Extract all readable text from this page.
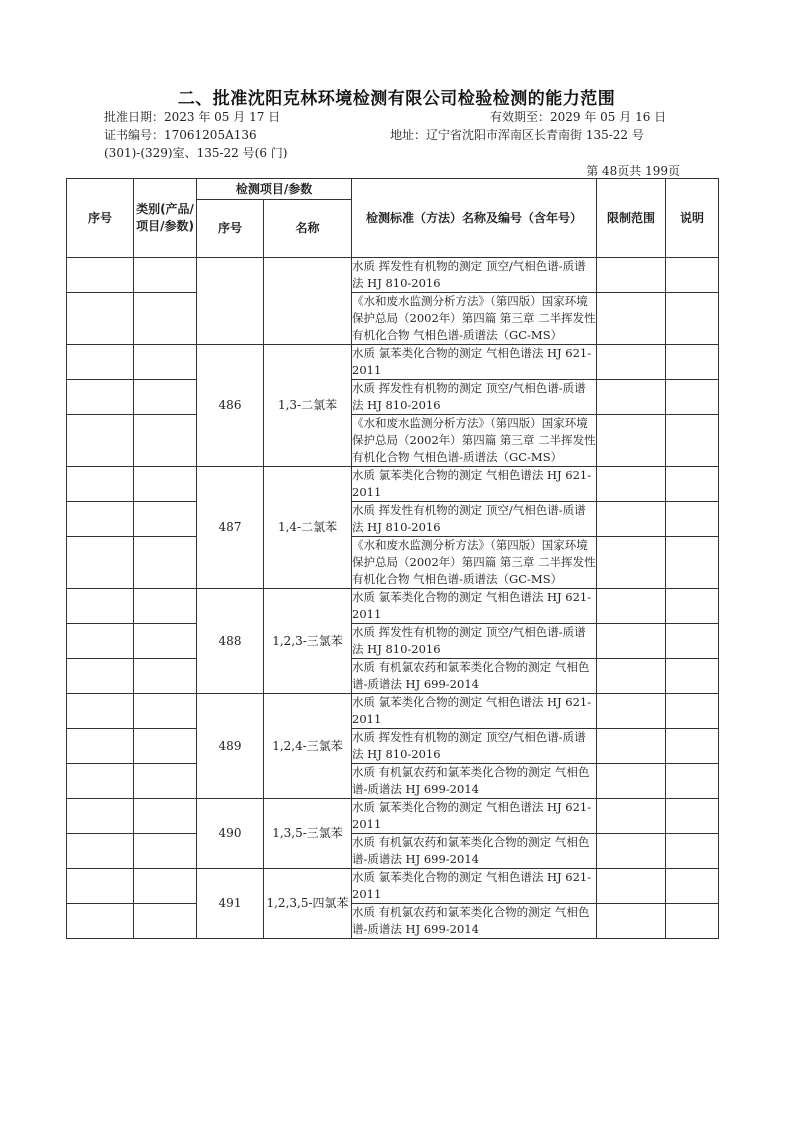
二、批准沈阳克林环境检测有限公司检验检测的能力范围
批准日期：2023 年 05 月 17 日	有效期至：2029 年 05 月 16 日
证书编号：17061205A136	地址：辽宁省沈阳市浑南区长青南街 135-22 号
(301)-(329)室、135-22 号(6 门)
第 48页共 199页
序号	类别(产品/项目/参数)	检测项目/参数		检测标准（方法）名称及编号（含年号）	限制范围	说明
		序号	名称			
				水质 挥发性有机物的测定 顶空/气相色谱-质谱法 HJ 810-2016		
				《水和废水监测分析方法》（第四版）国家环境保护总局（2002年）第四篇 第三章 二半挥发性有机化合物 气相色谱-质谱法（GC-MS）		
		486	1,3-二氯苯	水质 氯苯类化合物的测定 气相色谱法 HJ 621-2011		
				水质 挥发性有机物的测定 顶空/气相色谱-质谱法 HJ 810-2016		
				《水和废水监测分析方法》（第四版）国家环境保护总局（2002年）第四篇 第三章 二半挥发性有机化合物 气相色谱-质谱法（GC-MS）		
		487	1,4-二氯苯	水质 氯苯类化合物的测定 气相色谱法 HJ 621-2011		
				水质 挥发性有机物的测定 顶空/气相色谱-质谱法 HJ 810-2016		
				《水和废水监测分析方法》（第四版）国家环境保护总局（2002年）第四篇 第三章 二半挥发性有机化合物 气相色谱-质谱法（GC-MS）		
		488	1,2,3-三氯苯	水质 氯苯类化合物的测定 气相色谱法 HJ 621-2011		
				水质 挥发性有机物的测定 顶空/气相色谱-质谱法 HJ 810-2016		
				水质 有机氯农药和氯苯类化合物的测定 气相色谱-质谱法 HJ 699-2014		
		489	1,2,4-三氯苯	水质 氯苯类化合物的测定 气相色谱法 HJ 621-2011		
				水质 挥发性有机物的测定 顶空/气相色谱-质谱法 HJ 810-2016		
				水质 有机氯农药和氯苯类化合物的测定 气相色谱-质谱法 HJ 699-2014		
		490	1,3,5-三氯苯	水质 氯苯类化合物的测定 气相色谱法 HJ 621-2011		
				水质 有机氯农药和氯苯类化合物的测定 气相色谱-质谱法 HJ 699-2014		
		491	1,2,3,5-四氯苯	水质 氯苯类化合物的测定 气相色谱法 HJ 621-2011		
				水质 有机氯农药和氯苯类化合物的测定 气相色谱-质谱法 HJ 699-2014		
